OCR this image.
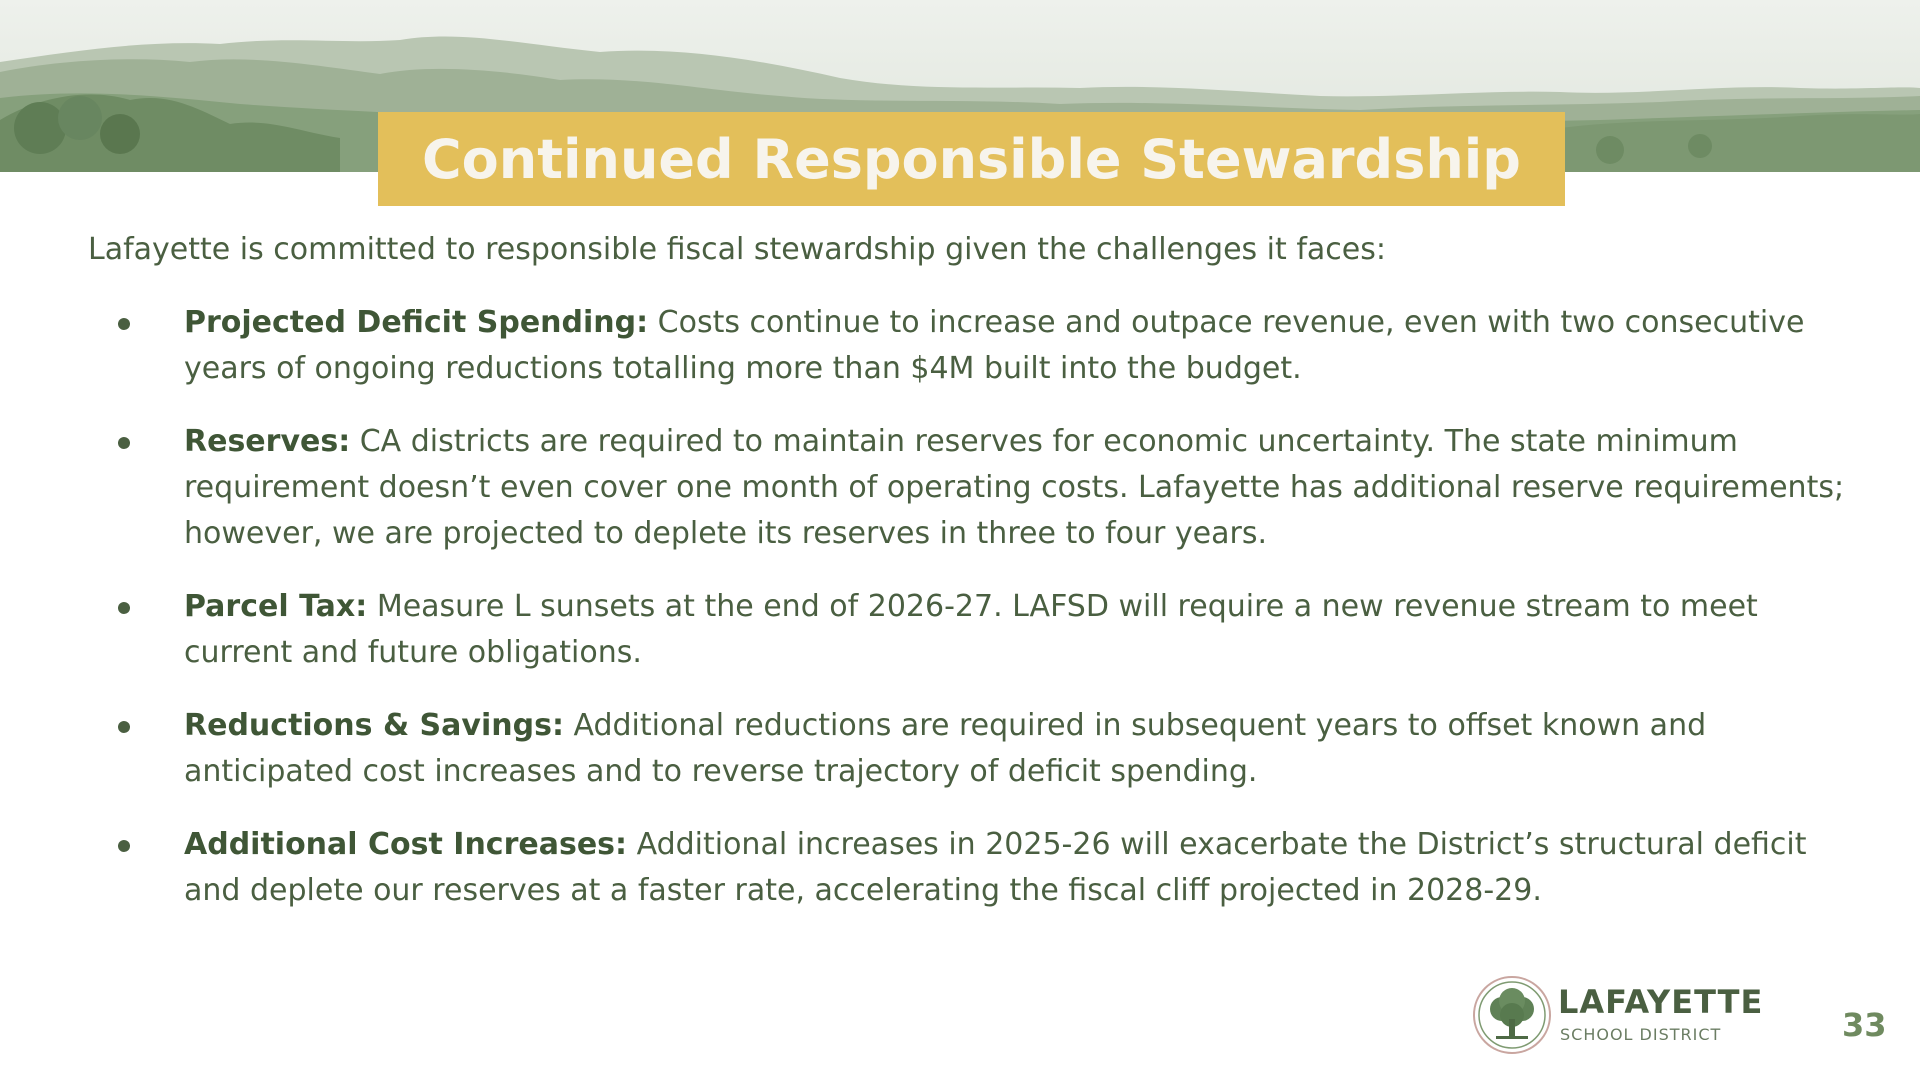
Continued Responsible Stewardship
Lafayette is committed to responsible fiscal stewardship given the challenges it faces:
Projected Deficit Spending: Costs continue to increase and outpace revenue, even with two consecutive years of ongoing reductions totalling more than $4M built into the budget.
Reserves: CA districts are required to maintain reserves for economic uncertainty. The state minimum requirement doesn’t even cover one month of operating costs. Lafayette has additional reserve requirements; however, we are projected to deplete its reserves in three to four years.
Parcel Tax: Measure L sunsets at the end of 2026-27. LAFSD will require a new revenue stream to meet current and future obligations.
Reductions & Savings: Additional reductions are required in subsequent years to offset known and anticipated cost increases and to reverse trajectory of deficit spending.
Additional Cost Increases: Additional increases in 2025-26 will exacerbate the District’s structural deficit and deplete our reserves at a faster rate, accelerating the fiscal cliff projected in 2028-29.
LAFAYETTE
SCHOOL DISTRICT	33
